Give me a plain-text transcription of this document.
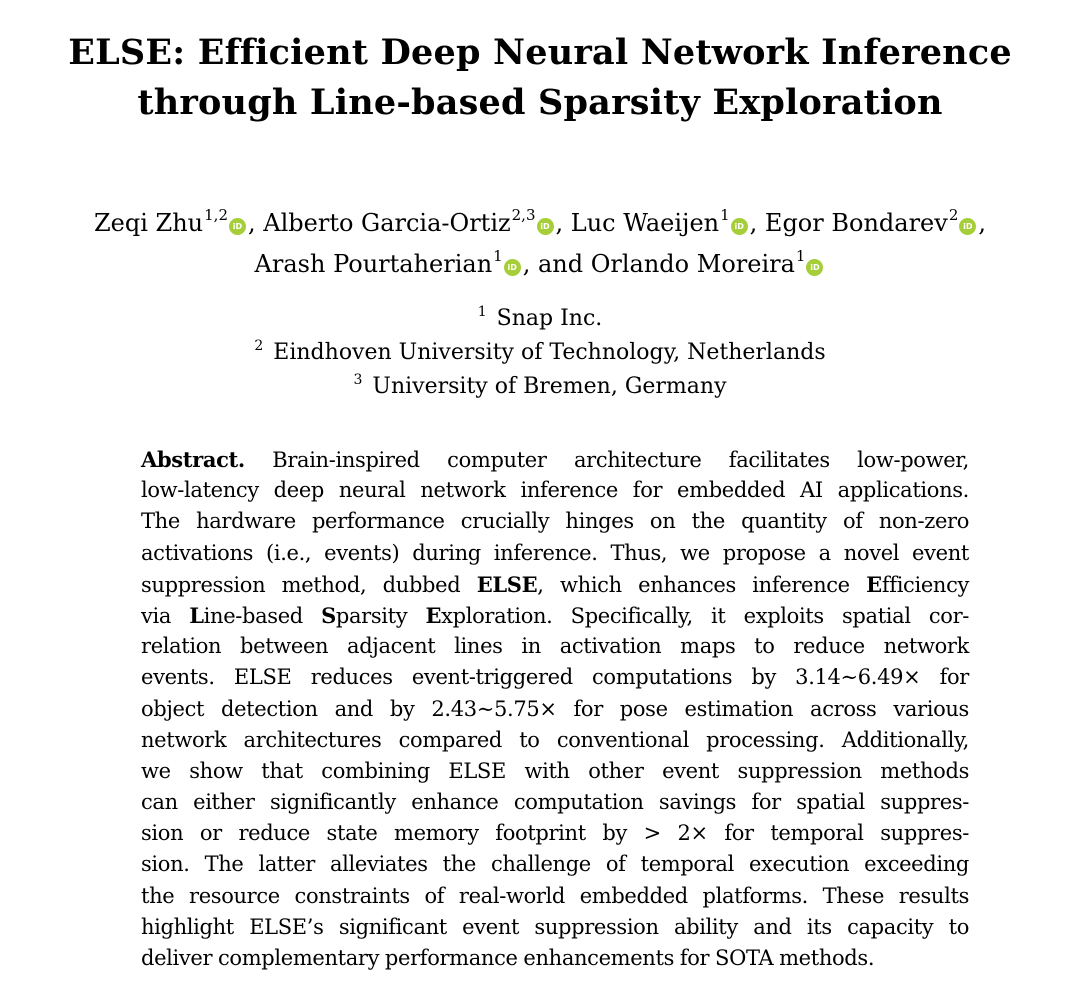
ELSE: Efficient Deep Neural Network Inference
through Line-based Sparsity Exploration
Zeqi Zhu$^{1,2}$iD , Alberto Garcia-Ortiz$^{2,3}$iD , Luc Waeijen$^1$iD , Egor Bondarev$^2$iD ,
Arash Pourtaherian$^1$iD , and Orlando Moreira$^1$iD
$^1$ Snap Inc.
$^2$ Eindhoven University of Technology, Netherlands
$^3$ University of Bremen, Germany
Abstract. Brain-inspired computer architecture facilitates low-power,
low-latency deep neural network inference for embedded AI applications.
The hardware performance crucially hinges on the quantity of non-zero
activations (i.e., events) during inference. Thus, we propose a novel event
suppression method, dubbed ELSE, which enhances inference Efficiency
via Line-based Sparsity Exploration. Specifically, it exploits spatial cor-
relation between adjacent lines in activation maps to reduce network
events. ELSE reduces event-triggered computations by 3.14∼6.49× for
object detection and by 2.43∼5.75× for pose estimation across various
network architectures compared to conventional processing. Additionally,
we show that combining ELSE with other event suppression methods
can either significantly enhance computation savings for spatial suppres-
sion or reduce state memory footprint by > 2× for temporal suppres-
sion. The latter alleviates the challenge of temporal execution exceeding
the resource constraints of real-world embedded platforms. These results
highlight ELSE’s significant event suppression ability and its capacity to
deliver complementary performance enhancements for SOTA methods.
